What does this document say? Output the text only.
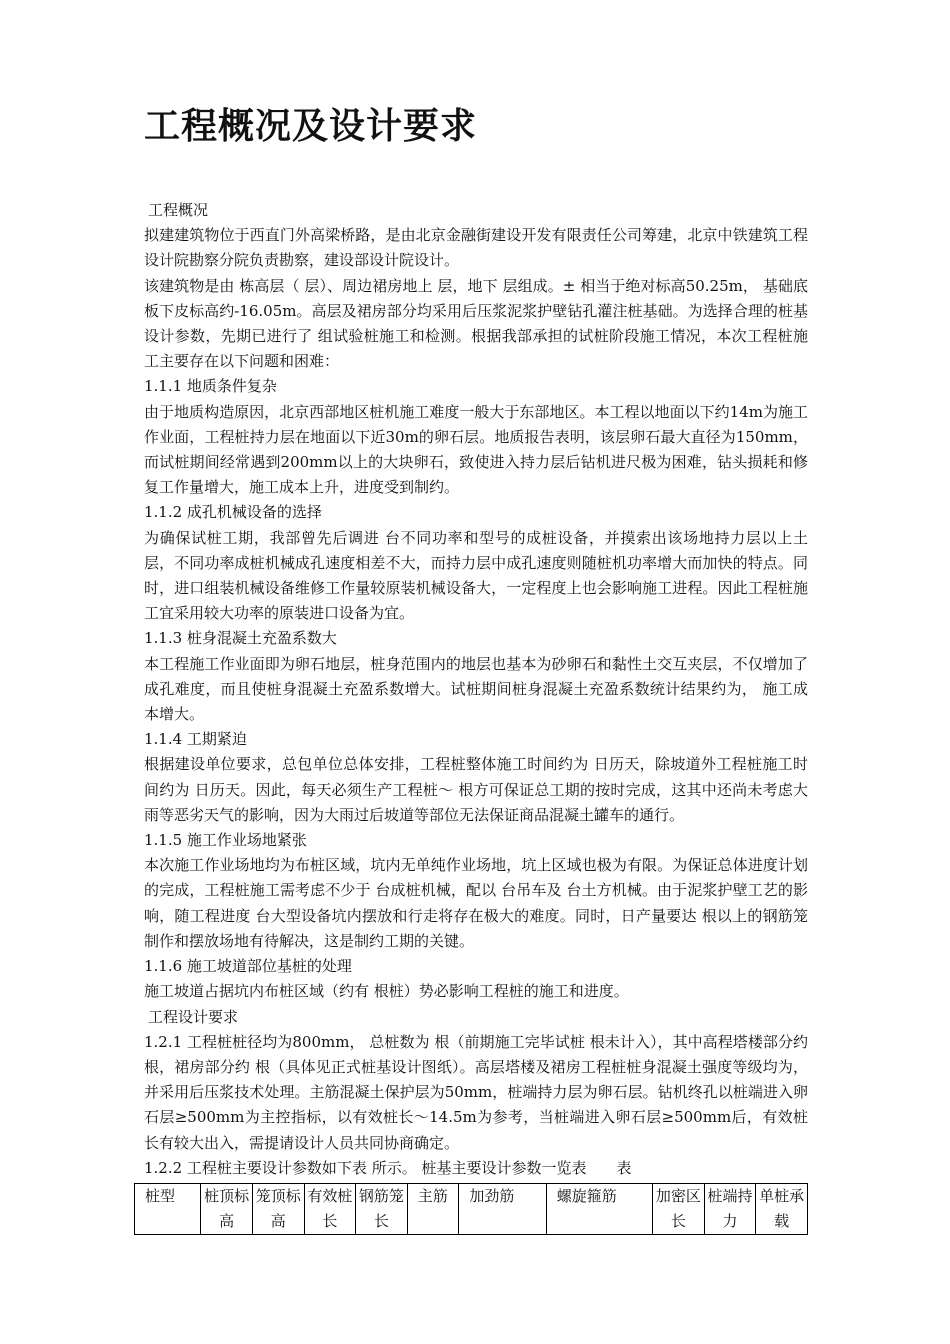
工程概况及设计要求

工程概况

拟建建筑物位于西直门外高梁桥路，是由北京金融街建设开发有限责任公司筹建，北京中铁建筑工程设计院勘察分院负责勘察，建设部设计院设计。

该建筑物是由 栋高层（ 层）、周边裙房地上 层，地下 层组成。± 相当于绝对标高50.25m， 基础底板下皮标高约-16.05m。高层及裙房部分均采用后压浆泥浆护壁钻孔灌注桩基础。为选择合理的桩基设计参数，先期已进行了 组试验桩施工和检测。根据我部承担的试桩阶段施工情况，本次工程桩施工主要存在以下问题和困难：

1.1.1 地质条件复杂

由于地质构造原因，北京西部地区桩机施工难度一般大于东部地区。本工程以地面以下约14m为施工作业面，工程桩持力层在地面以下近30m的卵石层。地质报告表明，该层卵石最大直径为150mm，而试桩期间经常遇到200mm以上的大块卵石，致使进入持力层后钻机进尺极为困难，钻头损耗和修复工作量增大，施工成本上升，进度受到制约。

1.1.2 成孔机械设备的选择

为确保试桩工期，我部曾先后调进 台不同功率和型号的成桩设备，并摸索出该场地持力层以上土层，不同功率成桩机械成孔速度相差不大，而持力层中成孔速度则随桩机功率增大而加快的特点。同时，进口组装机械设备维修工作量较原装机械设备大，一定程度上也会影响施工进程。因此工程桩施工宜采用较大功率的原装进口设备为宜。

1.1.3 桩身混凝土充盈系数大

本工程施工作业面即为卵石地层，桩身范围内的地层也基本为砂卵石和黏性土交互夹层，不仅增加了成孔难度，而且使桩身混凝土充盈系数增大。试桩期间桩身混凝土充盈系数统计结果约为， 施工成本增大。

1.1.4 工期紧迫

根据建设单位要求，总包单位总体安排，工程桩整体施工时间约为 日历天，除坡道外工程桩施工时间约为 日历天。因此，每天必须生产工程桩～ 根方可保证总工期的按时完成，这其中还尚未考虑大雨等恶劣天气的影响，因为大雨过后坡道等部位无法保证商品混凝土罐车的通行。

1.1.5 施工作业场地紧张

本次施工作业场地均为布桩区域，坑内无单纯作业场地，坑上区域也极为有限。为保证总体进度计划的完成，工程桩施工需考虑不少于 台成桩机械，配以 台吊车及 台土方机械。由于泥浆护壁工艺的影响，随工程进度 台大型设备坑内摆放和行走将存在极大的难度。同时，日产量要达 根以上的钢筋笼制作和摆放场地有待解决，这是制约工期的关键。

1.1.6 施工坡道部位基桩的处理

施工坡道占据坑内布桩区域（约有 根桩）势必影响工程桩的施工和进度。

工程设计要求

1.2.1 工程桩桩径均为800mm， 总桩数为 根（前期施工完毕试桩 根未计入），其中高程塔楼部分约 根，裙房部分约 根（具体见正式桩基设计图纸）。高层塔楼及裙房工程桩桩身混凝土强度等级均为，并采用后压浆技术处理。主筋混凝土保护层为50mm，桩端持力层为卵石层。钻机终孔以桩端进入卵石层≥500mm为主控指标，以有效桩长～14.5m为参考，当桩端进入卵石层≥500mm后，有效桩长有较大出入，需提请设计人员共同协商确定。

1.2.2 工程桩主要设计参数如下表 所示。 桩基主要设计参数一览表　　表

桩型	桩顶标高	笼顶标高	有效桩长	钢筋笼长	主筋	加劲筋	螺旋箍筋	加密区长	桩端持力	单桩承载
